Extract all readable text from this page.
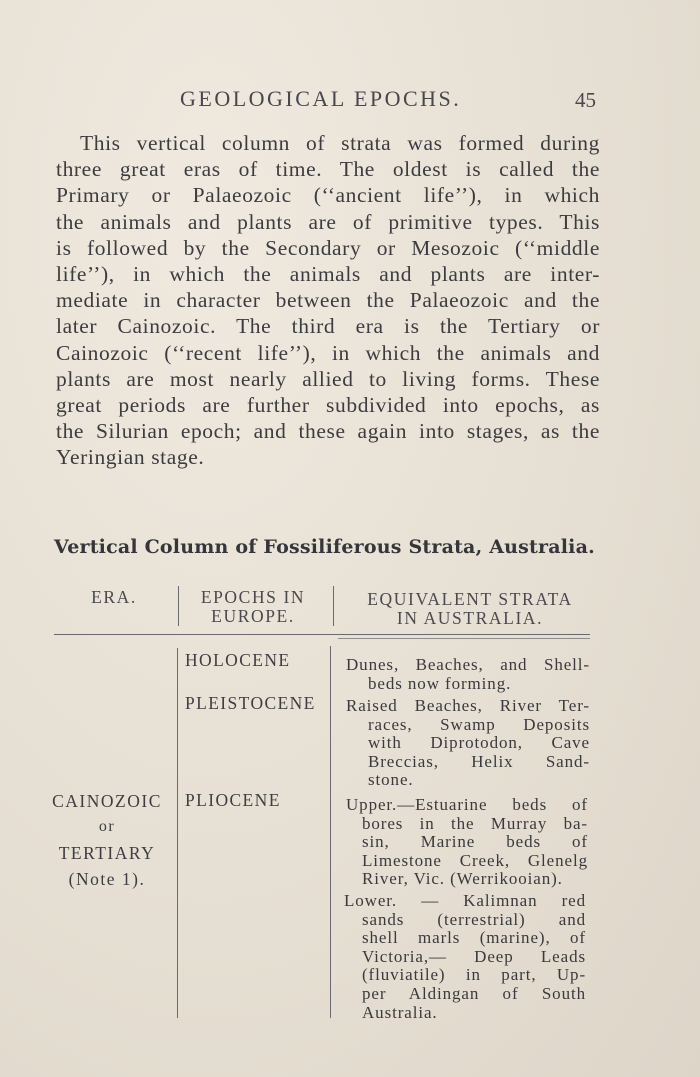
GEOLOGICAL EPOCHS.	45
This vertical column of strata was formed during
three great eras of time. The oldest is called the
Primary or Palaeozoic (‘‘ancient life’’), in which
the animals and plants are of primitive types. This
is followed by the Secondary or Mesozoic (‘‘middle
life’’), in which the animals and plants are inter-
mediate in character between the Palaeozoic and the
later Cainozoic. The third era is the Tertiary or
Cainozoic (‘‘recent life’’), in which the animals and
plants are most nearly allied to living forms. These
great periods are further subdivided into epochs, as
the Silurian epoch; and these again into stages, as the
Yeringian stage.
Vertical Column of Fossiliferous Strata, Australia.
ERA.	EPOCHS IN
EUROPE.
EQUIVALENT STRATA
IN AUSTRALIA.
CAINOZOIC
or
TERTIARY
(Note 1).
HOLOCENE
PLEISTOCENE
PLIOCENE
Dunes, Beaches, and Shell-
beds now forming.
Raised Beaches, River Ter-
races, Swamp Deposits
with Diprotodon, Cave
Breccias, Helix Sand-
stone.
Upper.—Estuarine beds of
bores in the Murray ba-
sin, Marine beds of
Limestone Creek, Glenelg
River, Vic. (Werrikooian).
Lower. — Kalimnan red
sands (terrestrial) and
shell marls (marine), of
Victoria,— Deep Leads
(fluviatile) in part, Up-
per Aldingan of South
Australia.
